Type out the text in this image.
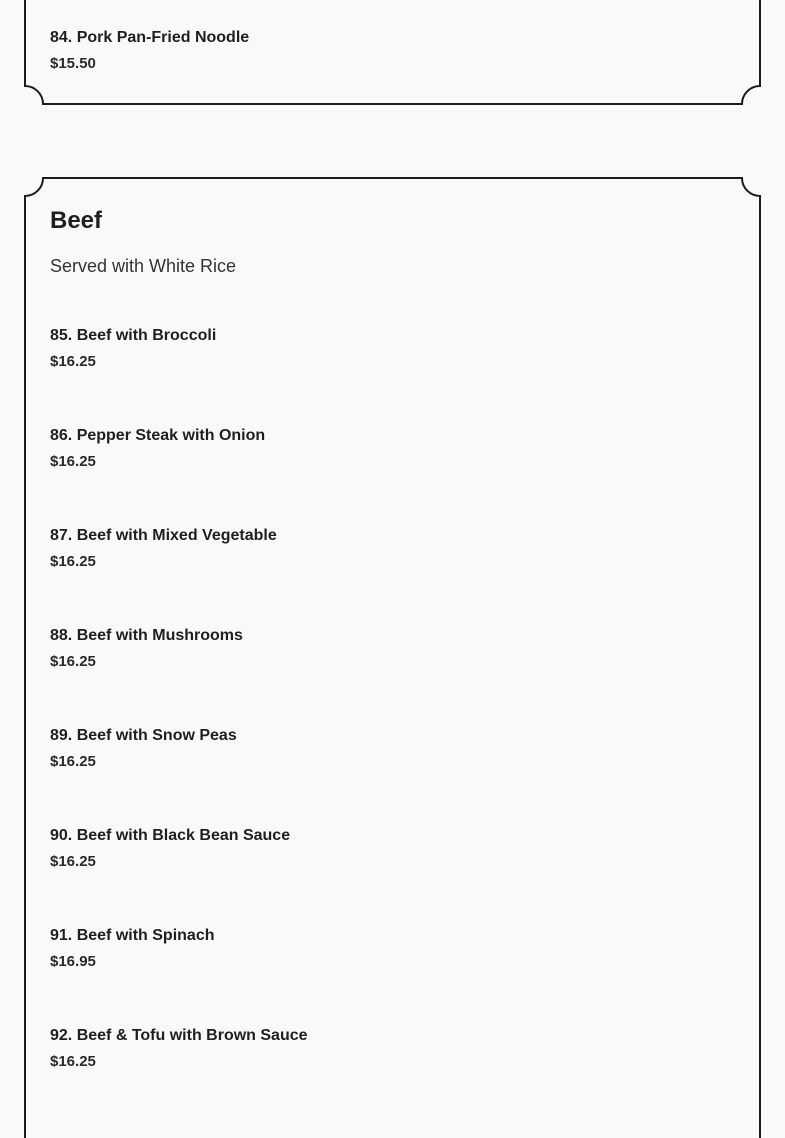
84. Pork Pan-Fried Noodle
$15.50
Beef
Served with White Rice
85. Beef with Broccoli
$16.25
86. Pepper Steak with Onion
$16.25
87. Beef with Mixed Vegetable
$16.25
88. Beef with Mushrooms
$16.25
89. Beef with Snow Peas
$16.25
90. Beef with Black Bean Sauce
$16.25
91. Beef with Spinach
$16.95
92. Beef & Tofu with Brown Sauce
$16.25
